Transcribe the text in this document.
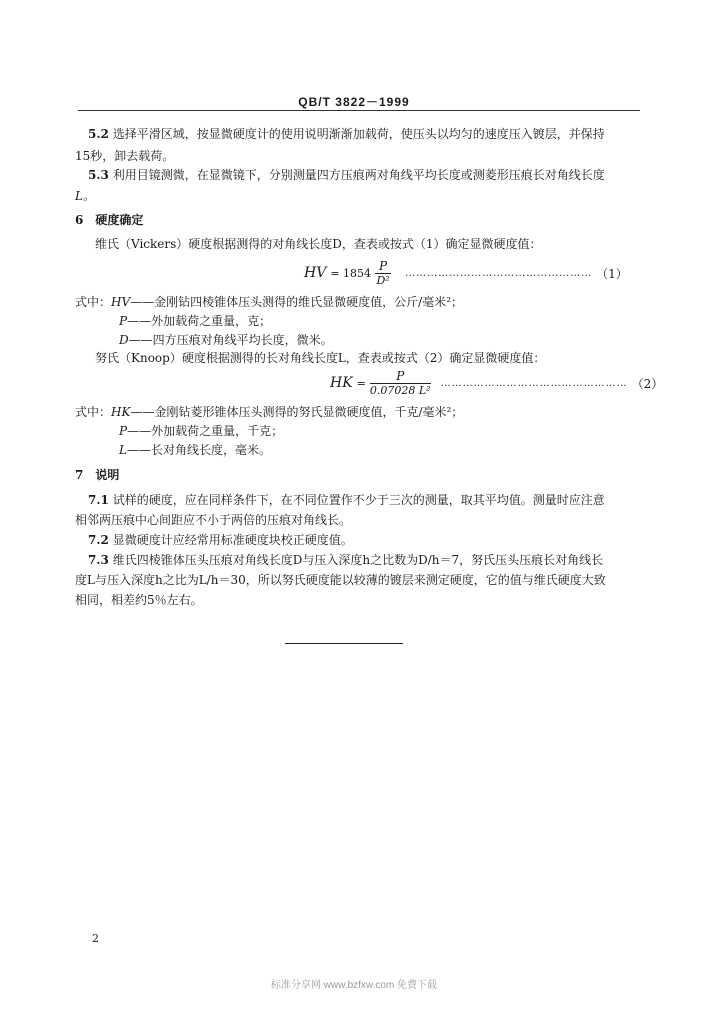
QB/T 3822－1999
5.2 选择平滑区域，按显微硬度计的使用说明渐渐加载荷，使压头以均匀的速度压入镀层，并保持
15秒，卸去载荷。
5.3 利用目镜测微，在显微镜下，分别测量四方压痕两对角线平均长度或测菱形压痕长对角线长度
L。
6　硬度确定
维氏（Vickers）硬度根据测得的对角线长度D，查表或按式（1）确定显微硬度值：
HV = $1854 \frac{P}{\text{D²}}$ …………………………………………… （1）
式中：HV——金刚钻四棱锥体压头测得的维氏显微硬度值，公斤/毫米²；
P——外加载荷之重量，克；
D——四方压痕对角线平均长度，微米。
努氏（Knoop）硬度根据测得的长对角线长度L，查表或按式（2）确定显微硬度值：
HK = $\frac{P}{\text{0.07028 L²}}$ …………………………………………… （2）
式中：HK——金刚钻菱形锥体压头测得的努氏显微硬度值，千克/毫米²；
P——外加载荷之重量，千克；
L——长对角线长度，毫米。
7　说明
7.1 试样的硬度，应在同样条件下，在不同位置作不少于三次的测量，取其平均值。测量时应注意
相邻两压痕中心间距应不小于两倍的压痕对角线长。
7.2 显微硬度计应经常用标准硬度块校正硬度值。
7.3 维氏四棱锥体压头压痕对角线长度D与压入深度h之比数为D/h＝7，努氏压头压痕长对角线长
度L与压入深度h之比为L/h＝30，所以努氏硬度能以较薄的镀层来测定硬度，它的值与维氏硬度大致
相同，相差约5％左右。
2
标准分享网 www.bzfxw.com 免费下载
